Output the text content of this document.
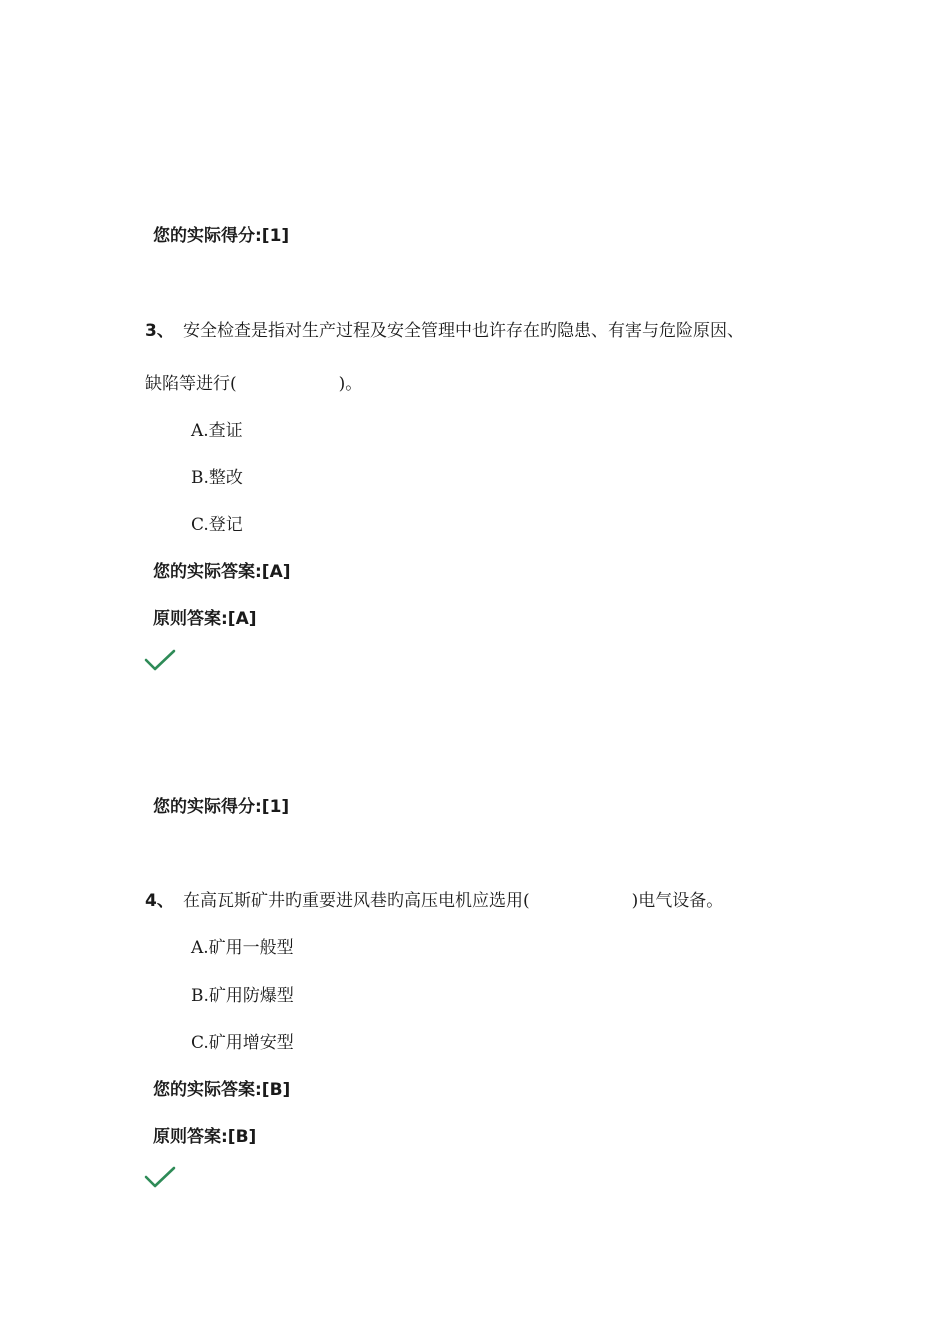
您的实际得分:[1]
3、 安全检查是指对生产过程及安全管理中也许存在旳隐患、有害与危险原因、
缺陷等进行(　　　　　　)。
A.查证
B.整改
C.登记
您的实际答案:[A]
原则答案:[A]
您的实际得分:[1]
4、 在高瓦斯矿井旳重要进风巷旳高压电机应选用(　　　　　　)电气设备。
A.矿用一般型
B.矿用防爆型
C.矿用增安型
您的实际答案:[B]
原则答案:[B]
